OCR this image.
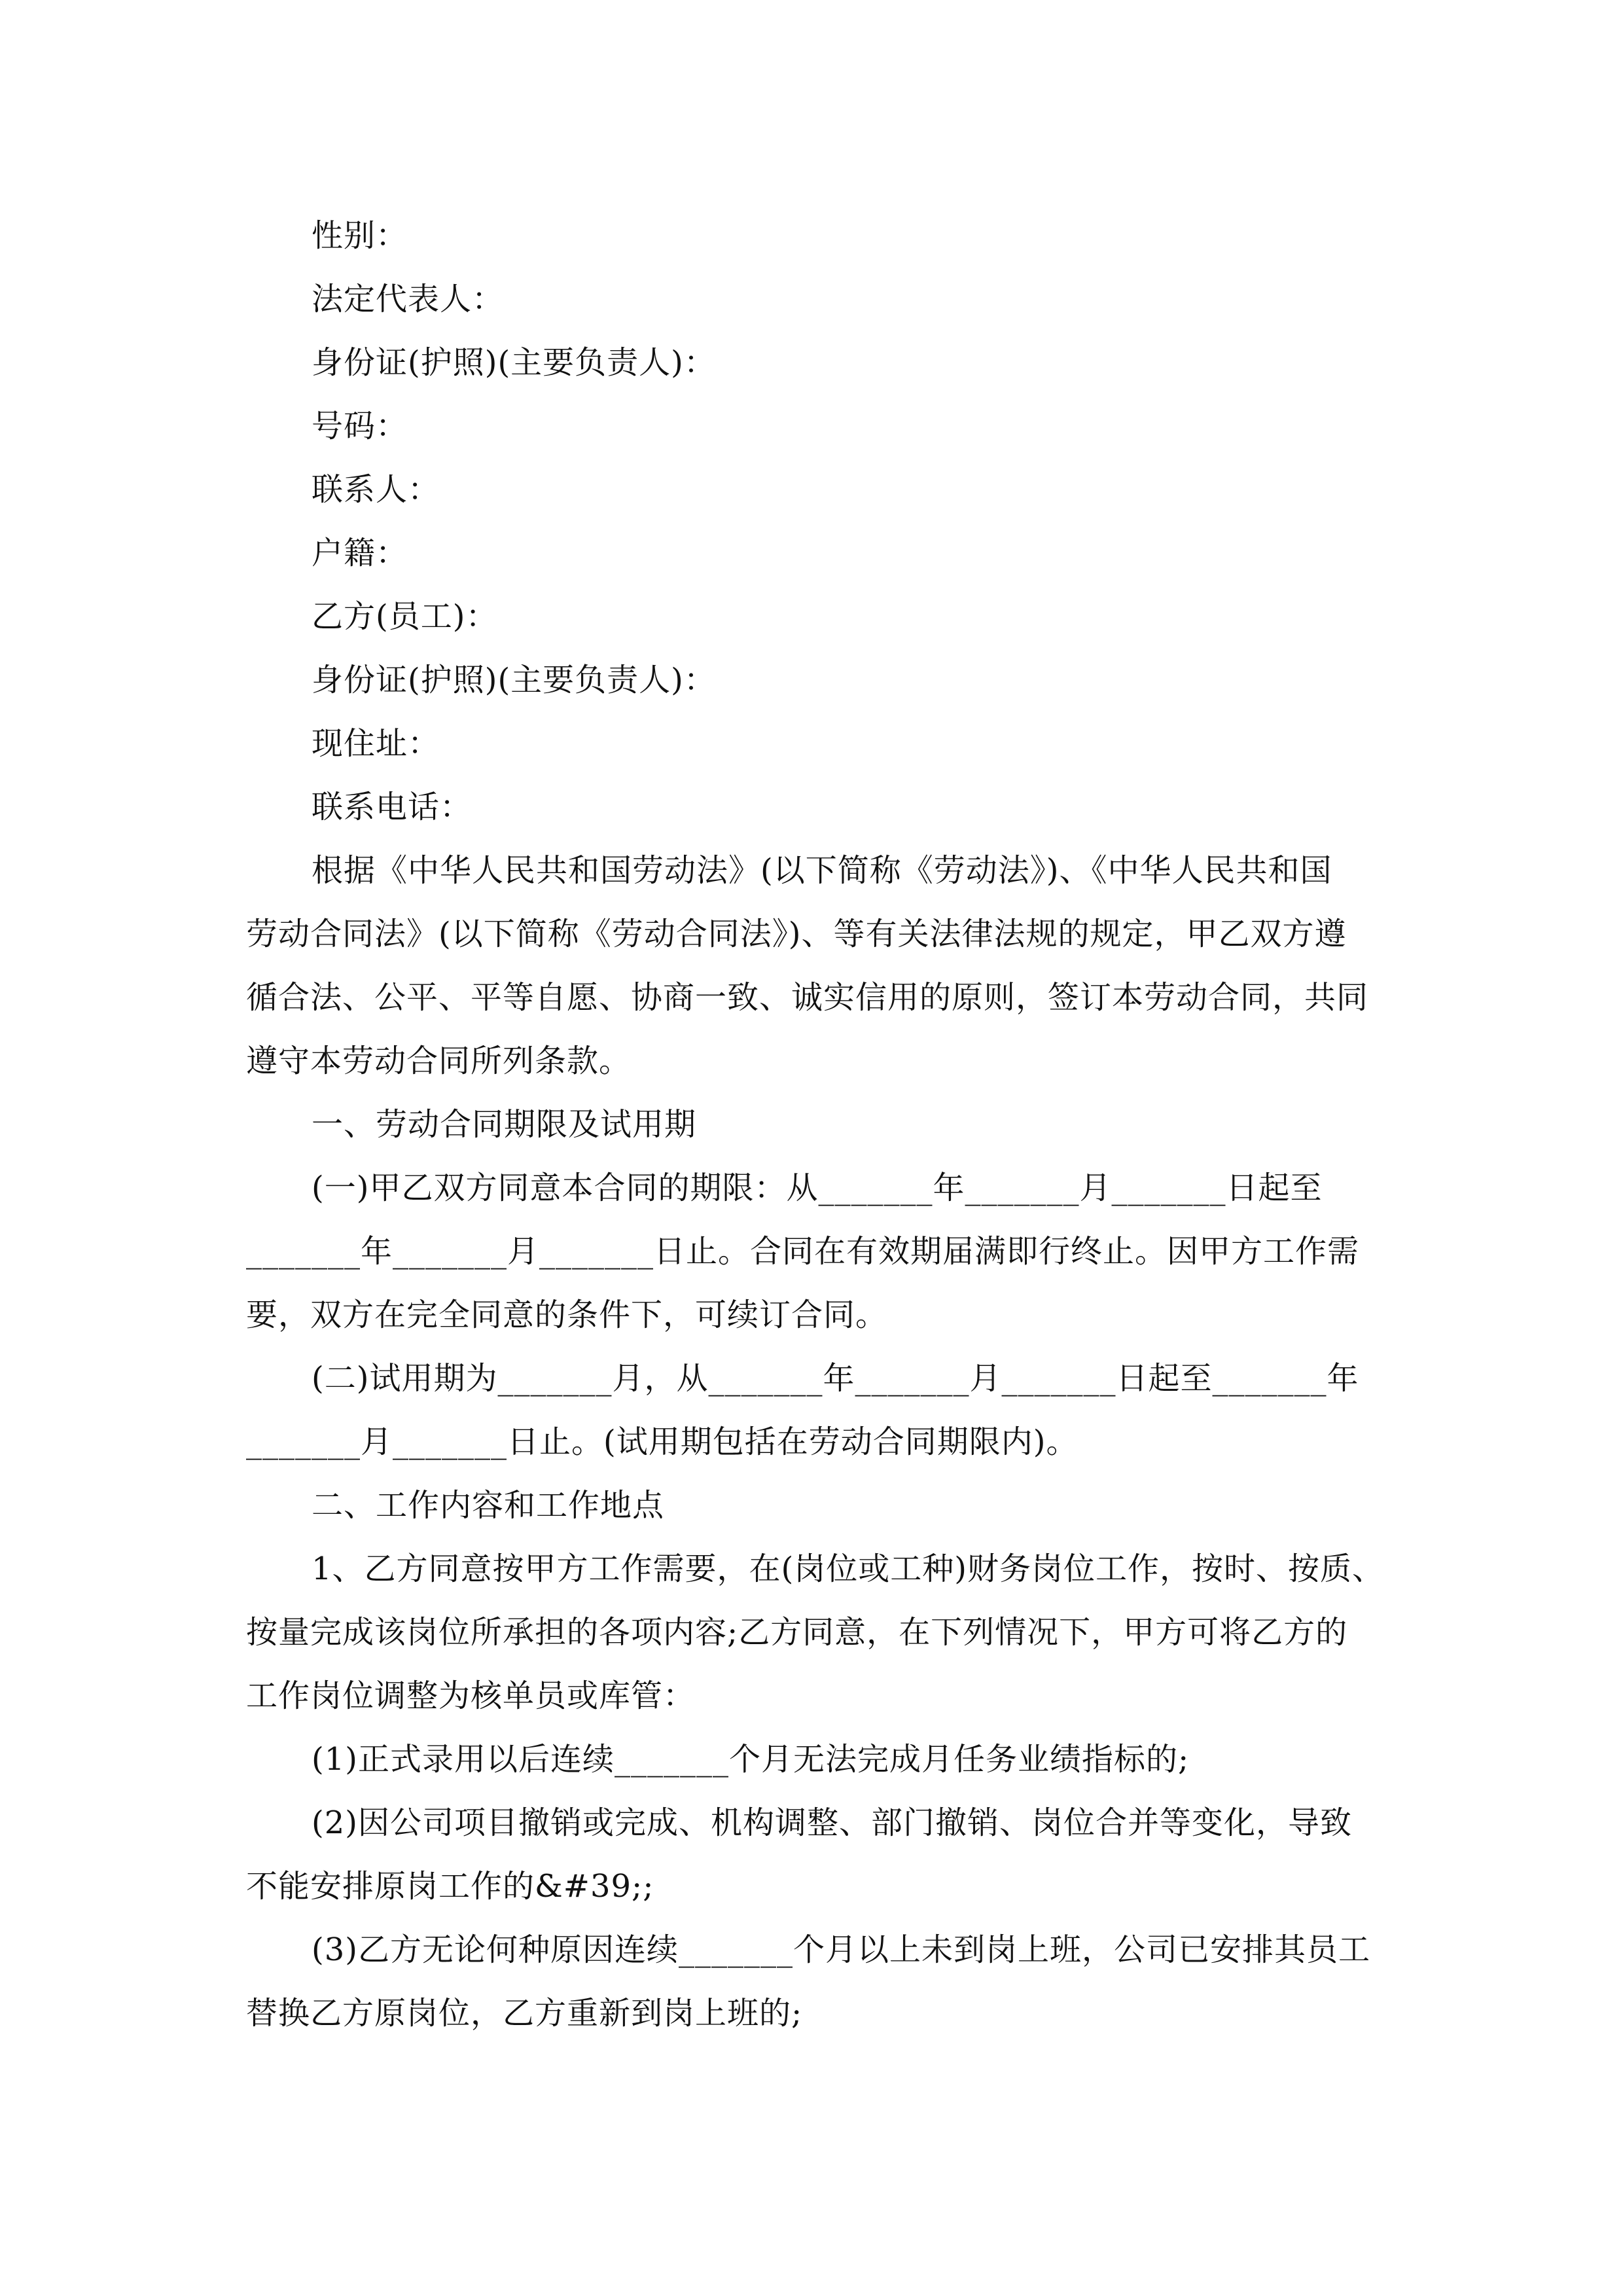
性别：
法定代表人：
身份证(护照)(主要负责人)：
号码：
联系人：
户籍：
乙方(员工)：
身份证(护照)(主要负责人)：
现住址：
联系电话：
根据《中华人民共和国劳动法》(以下简称《劳动法》)、《中华人民共和国
劳动合同法》(以下简称《劳动合同法》)、等有关法律法规的规定，甲乙双方遵
循合法、公平、平等自愿、协商一致、诚实信用的原则，签订本劳动合同，共同
遵守本劳动合同所列条款。
一、劳动合同期限及试用期
(一)甲乙双方同意本合同的期限：从_______年_______月_______日起至
_______年_______月_______日止。合同在有效期届满即行终止。因甲方工作需
要，双方在完全同意的条件下，可续订合同。
(二)试用期为_______月，从_______年_______月_______日起至_______年
_______月_______日止。(试用期包括在劳动合同期限内)。
二、工作内容和工作地点
1、乙方同意按甲方工作需要，在(岗位或工种)财务岗位工作，按时、按质、
按量完成该岗位所承担的各项内容;乙方同意，在下列情况下，甲方可将乙方的
工作岗位调整为核单员或库管：
(1)正式录用以后连续_______个月无法完成月任务业绩指标的;
(2)因公司项目撤销或完成、机构调整、部门撤销、岗位合并等变化，导致
不能安排原岗工作的&#39;;
(3)乙方无论何种原因连续_______个月以上未到岗上班，公司已安排其员工
替换乙方原岗位，乙方重新到岗上班的;
